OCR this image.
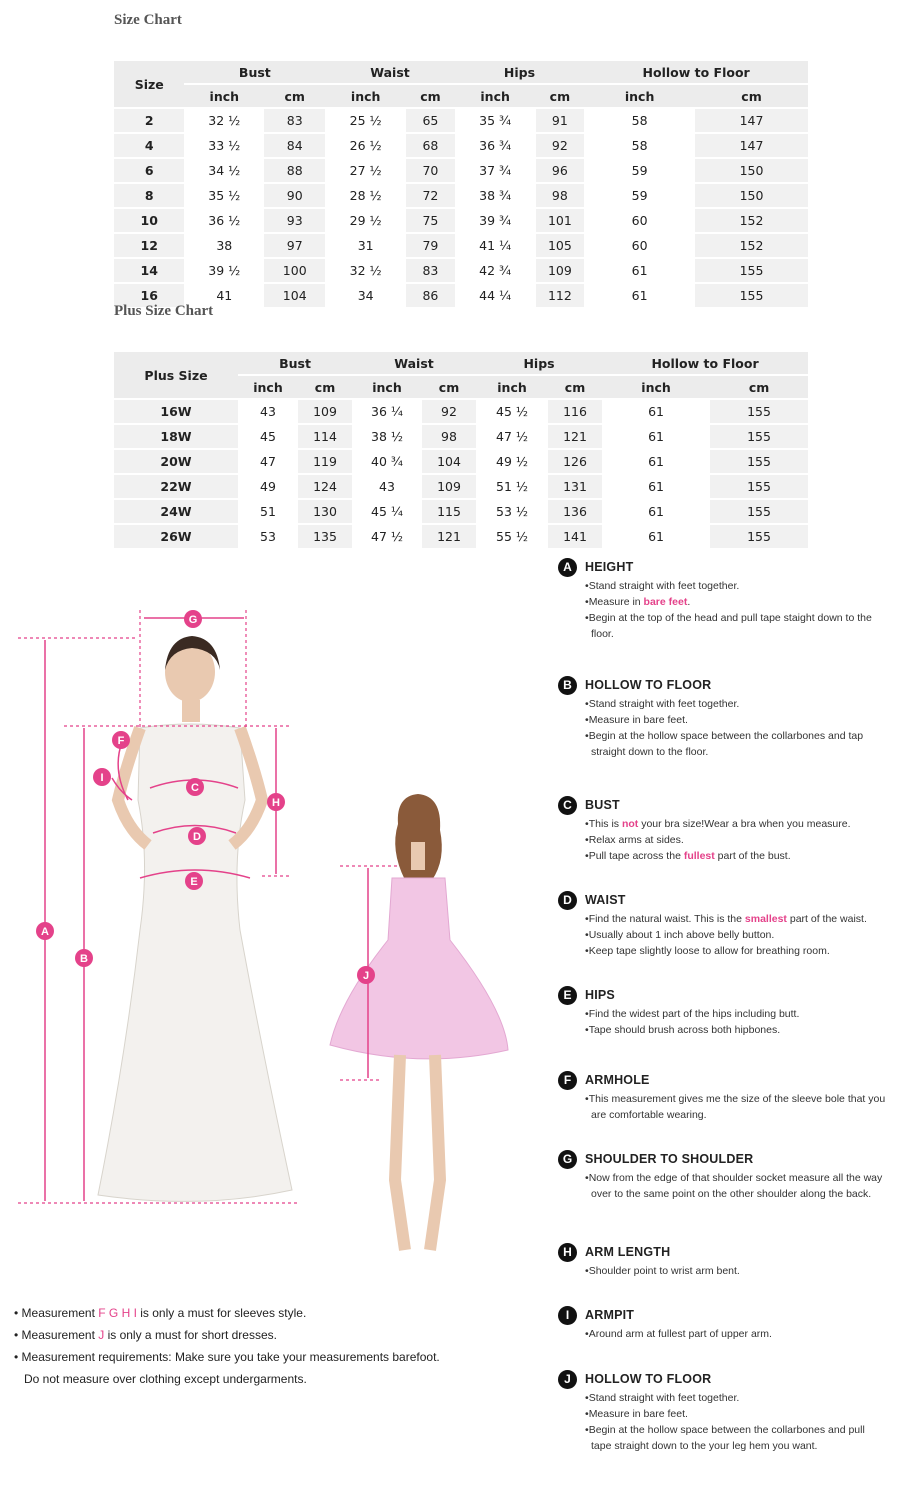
Size Chart
Size	Bust		Waist		Hips		Hollow to Floor	
	inch	cm	inch	cm	inch	cm	inch	cm
2	32 ½	83	25 ½	65	35 ¾	91	58	147
4	33 ½	84	26 ½	68	36 ¾	92	58	147
6	34 ½	88	27 ½	70	37 ¾	96	59	150
8	35 ½	90	28 ½	72	38 ¾	98	59	150
10	36 ½	93	29 ½	75	39 ¾	101	60	152
12	38	97	31	79	41 ¼	105	60	152
14	39 ½	100	32 ½	83	42 ¾	109	61	155
16	41	104	34	86	44 ¼	112	61	155
Plus Size Chart
Plus Size	Bust		Waist		Hips		Hollow to Floor	
	inch	cm	inch	cm	inch	cm	inch	cm
16W	43	109	36 ¼	92	45 ½	116	61	155
18W	45	114	38 ½	98	47 ½	121	61	155
20W	47	119	40 ¾	104	49 ½	126	61	155
22W	49	124	43	109	51 ½	131	61	155
24W	51	130	45 ¼	115	53 ½	136	61	155
26W	53	135	47 ½	121	55 ½	141	61	155
A
B
C
D
E
F
G
H
I
J
• Measurement F G H I is only a must for sleeves style.
• Measurement J is only a must for short dresses.
• Measurement requirements: Make sure you take your measurements barefoot.
Do not measure over clothing except undergarments.
A	HEIGHT
• Stand straight with feet together.
• Measure in bare feet.
• Begin at the top of the head and pull tape staight down to the floor.
B	HOLLOW TO FLOOR
• Stand straight with feet together.
• Measure in bare feet.
• Begin at the hollow space between the collarbones and tap straight down to the floor.
C	BUST
• This is not your bra size!Wear a bra when you measure.
• Relax arms at sides.
• Pull tape across the fullest part of the bust.
D	WAIST
• Find the natural waist. This is the smallest part of the waist.
• Usually about 1 inch above belly button.
• Keep tape slightly loose to allow for breathing room.
E	HIPS
• Find the widest part of the hips including butt.
• Tape should brush across both hipbones.
F	ARMHOLE
• This measurement gives me the size of the sleeve bole that you are comfortable wearing.
G	SHOULDER TO SHOULDER
• Now from the edge of that shoulder socket measure all the way over to the same point on the other shoulder along the back.
H	ARM LENGTH
• Shoulder point to wrist arm bent.
I	ARMPIT
• Around arm at fullest part of upper arm.
J	HOLLOW TO FLOOR
• Stand straight with feet together.
• Measure in bare feet.
• Begin at the hollow space between the collarbones and pull tape straight down to the your leg hem you want.
